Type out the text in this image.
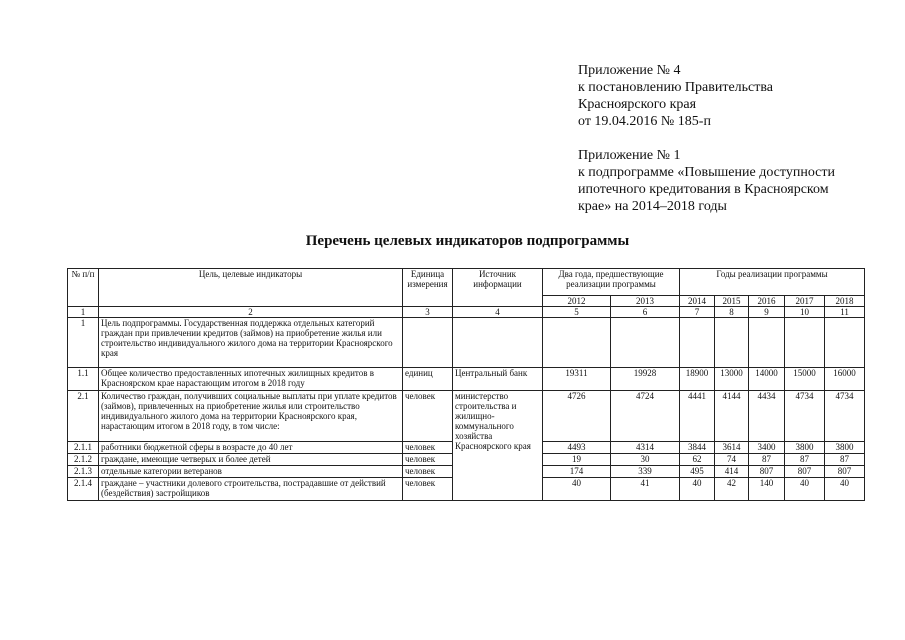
Приложение № 4
к постановлению Правительства
Красноярского края
от 19.04.2016 № 185-п
Приложение № 1
к подпрограмме «Повышение доступности
ипотечного кредитования в Красноярском
крае» на 2014–2018 годы
Перечень целевых индикаторов подпрограммы
№ п/п	Цель, целевые индикаторы	Единица измерения	Источник информации	Два года, предшествующие реализации программы		Годы реализации программы				
				2012	2013	2014	2015	2016	2017	2018
1	2	3	4	5	6	7	8	9	10	11
1	Цель подпрограммы. Государственная поддержка отдельных категорий граждан при привлечении кредитов (займов) на приобретение жилья или строительство индивидуального жилого дома на территории Красноярского края									
1.1	Общее количество предоставленных ипотечных жилищных кредитов в Красноярском крае нарастающим итогом в 2018 году	единиц	Центральный банк	19311	19928	18900	13000	14000	15000	16000
2.1	Количество граждан, получивших социальные выплаты при уплате кредитов (займов), привлеченных на приобретение жилья или строительство индивидуального жилого дома на территории Красноярского края, нарастающим итогом в 2018 году, в том числе:	человек	министерство строительства и жилищно-коммунального хозяйства Красноярского края	4726	4724	4441	4144	4434	4734	4734
2.1.1	работники бюджетной сферы в возрасте до 40 лет	человек		4493	4314	3844	3614	3400	3800	3800
2.1.2	граждане, имеющие четверых и более детей	человек		19	30	62	74	87	87	87
2.1.3	отдельные категории ветеранов	человек		174	339	495	414	807	807	807
2.1.4	граждане – участники долевого строительства, пострадавшие от действий (бездействия) застройщиков	человек		40	41	40	42	140	40	40
